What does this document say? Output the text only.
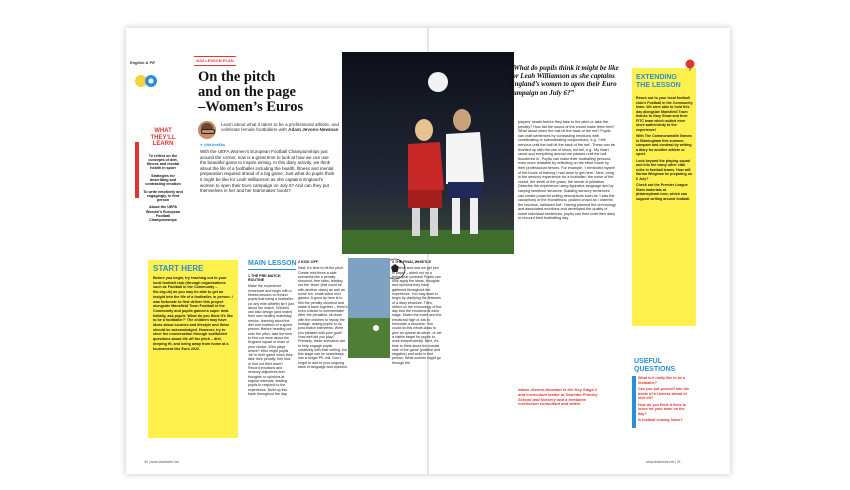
English & PE	KS2 LESSON PLAN
On the pitch
and on the page
–Women’s Euros
Learn about what it takes to be a professional athlete, and celebrate female footballers with Adam Jevons-Newman
✦ @MrJevsEdu
With the UEFA Women’s European Football Championships just around the corner, now is a great time to look at how we can use the beautiful game to inspire writing. In this diary activity, we think about the life of a footballer including the health, fitness and mental preparation required ahead of a big game. Just what do pupils think it might be like for Leah Williamson as she captains England’s women to open their Euro campaign on July 6? And can they put themselves in her and her teammates’ boots?
WHAT THEY’LL LEARN
To reflect on the concepts of diet, fitness and mental health in sport
Strategies for describing and contrasting emotion
To write emotively and engagingly, in first person
About the UEFA Women’s European Football Championships
START HERE
Before you begin, try reaching out to your local football club (through organisations such as Football in the Community – ftic.org.uk) as you may be able to get an insight into the life of a footballer, in person. I was fortunate to first deliver this project alongside Mansfield Town Football in the Community and pupils gained a super deal. Initially, ask pupils ‘What do you think it’s like to be a footballer?’ The children may have ideas about luxuries and lifestyle and these should be acknowledged. However, try to steer the conversation through scaffolded questions about life off the pitch – diet, keeping fit, and being away from home at a tournament like Euro 2022.
MAIN LESSON
1 THE PRE-MATCH ROUTINE
Make the experience immersive and begin with a fitness session to remind pupils that being a footballer (or any elite athlete) isn’t just about the match. Children can also design (and make) their own healthy matchday menus, learning about the diet and nutrition of a sports person. Before heading out onto the pitch, take the time to find out more about the England squad or team of your choice. Who plays where? Who might pupils ‘be’ in their game when they take their penalty, free kick or find out their team? Record emotions and sensory adjectives and thoughts or opinions at regular intervals, leading pupils to respond to the experience. Build up this bank throughout the day.
2 KICK OFF
Next, it’s time to hit the pitch. Create mini three-a-side scenarios like a penalty shootout, free kicks, leading out the ‘team’ (this could be with another class) as well as some fun, small-sided mini games. A good tip here is to film the penalty shootout and watch it back together – there’s even chance to commentate! After the penalties, sit down with the children to replay the footage, asking pupils to do post-match interviews. Were you pleased with your goal? How well did you play? Primarily, these scenarios are to help engage pupils creatively with their writing, but this stage can be seamlessly into a longer PE unit. Don’t forget to add to your ongoing bank of language and opinions.
3 THE FINAL WHISTLE
Full time and now we get pen to paper – albeit not on a three-year contract! Pupils can now apply the ideas, thoughts and opinions they have gathered throughout the experience. You may want to begin by clarifying the features of a diary structure. Then, reflect on the chronology of the day and the emotions at each stage. Match the event and the emotional high or low to formulate a structure. You could do this whole-class to give an upbeat structure, or set a visible target for pupils to work independently. Next, it’s time to think about the mental side of the game (positive and negative) and write in first person. What worries might go through the
“What do pupils think it might be like for Leah Williamson as she captains England’s women to open their Euro campaign on July 6?”
players’ heads before they take to the pitch or take the penalty? How did the sound of the crowd make them feel? What about when the ball hit the back of the net? Pupils can craft sentences by contrasting emotions with coordinating or subordinating conjunctions, e.g. ‘I felt nervous until the ball hit the back of the net’. These can be levelled up with the use of show, not tell, e.g. ‘My heart raced and everything around me paused until the ball thundered in’. Pupils can make their footballing persona even more relatable by reflecting on the effort made by their professional heroes. For example, ‘I reminded myself of the hours of training I had done to get here.’ Next, bring in the sensory experience for a footballer: the noise of the crowd, the smell of the grass, the sense of jubilation. Describe the experience using figurative language and by varying sentence structure. Building sensory sentences can create powerful writing descriptions such as ‘I saw the cacophony of the thunderous, packed crowd as I ordered the luscious, hallowed turf’. Having planned the chronology and associated emotions and developed the quality of some individual sentences, pupils can then craft their diary to recount their footballing day.
Adam Jevons-Newman is the Key Stage 2 and curriculum leader at Dunedin Primary School and Nursery and a freelance curriculum consultant and writer.
EXTENDING THE LESSON
Reach out to your local football club’s Football in the Community team. We were able to hold this day alongside Mansfield Town thanks to Gary Shaw and their FITC team which added even more authenticity to the experience!
With The Commonwealth Games in Birmingham this summer, compare and contrast by writing a diary for another athlete or sport.
Look beyond the playing squad and into the many other vital roles in football teams. How will Sarina Wiegman be preparing on 6 July?
Check out the Premier League Stars materials at plstarmyteam.com, which can support writing around football.
USEFUL QUESTIONS
What is it really like to be a footballer?
Can you put yourself into the boots of a Lioness ahead of kick off?
How do you think it feels to score for your team on the day?
Is football coming home?
30 | www.teachwire.net	www.teachwire.net | 31
